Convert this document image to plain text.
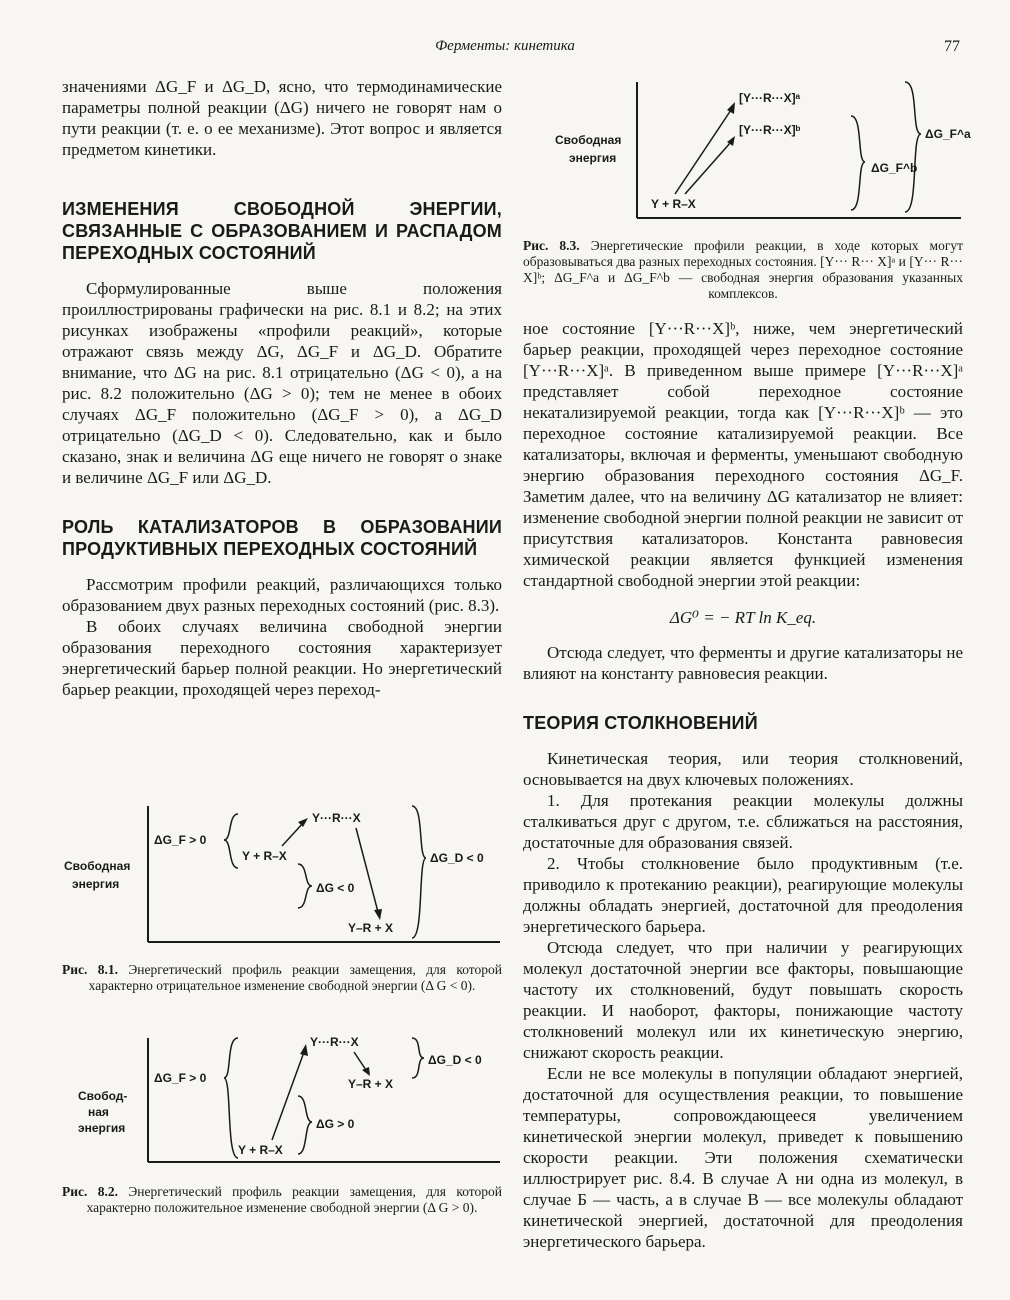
Ферменты: кинетика	77

значениями ΔG_F и ΔG_D, ясно, что термодинамические параметры полной реакции (ΔG) ничего не говорят нам о пути реакции (т. е. о ее механизме). Этот вопрос и является предметом кинетики.

ИЗМЕНЕНИЯ СВОБОДНОЙ ЭНЕРГИИ, СВЯЗАННЫЕ С ОБРАЗОВАНИЕМ И РАСПАДОМ ПЕРЕХОДНЫХ СОСТОЯНИЙ

Сформулированные выше положения проиллюстрированы графически на рис. 8.1 и 8.2; на этих рисунках изображены «профили реакций», которые отражают связь между ΔG, ΔG_F и ΔG_D. Обратите внимание, что ΔG на рис. 8.1 отрицательно (ΔG < 0), а на рис. 8.2 положительно (ΔG > 0); тем не менее в обоих случаях ΔG_F положительно (ΔG_F > 0), а ΔG_D отрицательно (ΔG_D < 0). Следовательно, как и было сказано, знак и величина ΔG еще ничего не говорят о знаке и величине ΔG_F или ΔG_D.

РОЛЬ КАТАЛИЗАТОРОВ В ОБРАЗОВАНИИ ПРОДУКТИВНЫХ ПЕРЕХОДНЫХ СОСТОЯНИЙ

Рассмотрим профили реакций, различающихся только образованием двух разных переходных состояний (рис. 8.3).

В обоих случаях величина свободной энергии образования переходного состояния характеризует энергетический барьер полной реакции. Но энергетический барьер реакции, проходящей через переход-

Свободная
энергия
ΔG_F > 0
Y + R–X
Y···R···X
ΔG < 0
Y–R + X
ΔG_D < 0
Рис. 8.1. Энергетический профиль реакции замещения, для которой характерно отрицательное изменение свободной энергии (Δ G < 0).
Свобод-
ная
энергия
ΔG_F > 0
Y + R–X
Y···R···X
Y–R + X
ΔG > 0
ΔG_D < 0
Рис. 8.2. Энергетический профиль реакции замещения, для которой характерно положительное изменение свободной энергии (Δ G > 0).
Свободная
энергия
Y + R–X
[Y···R···X]ᵃ
[Y···R···X]ᵇ
ΔG_F^b
ΔG_F^a
Рис. 8.3. Энергетические профили реакции, в ходе которых могут образовываться два разных переходных состояния. [Y··· R··· X]ᵃ и [Y··· R··· X]ᵇ; ΔG_F^a и ΔG_F^b — свободная энергия образования указанных комплексов.

ное состояние [Y···R···X]ᵇ, ниже, чем энергетический барьер реакции, проходящей через переходное состояние [Y···R···X]ᵃ. В приведенном выше примере [Y···R···X]ᵃ представляет собой переходное состояние некатализируемой реакции, тогда как [Y···R···X]ᵇ — это переходное состояние катализируемой реакции. Все катализаторы, включая и ферменты, уменьшают свободную энергию образования переходного состояния ΔG_F. Заметим далее, что на величину ΔG катализатор не влияет: изменение свободной энергии полной реакции не зависит от присутствия катализаторов. Константа равновесия химической реакции является функцией изменения стандартной свободной энергии этой реакции:

ΔG⁰ = − RT ln K_eq.

Отсюда следует, что ферменты и другие катализаторы не влияют на константу равновесия реакции.

ТЕОРИЯ СТОЛКНОВЕНИЙ

Кинетическая теория, или теория столкновений, основывается на двух ключевых положениях.

1. Для протекания реакции молекулы должны сталкиваться друг с другом, т.е. сближаться на расстояния, достаточные для образования связей.

2. Чтобы столкновение было продуктивным (т.е. приводило к протеканию реакции), реагирующие молекулы должны обладать энергией, достаточной для преодоления энергетического барьера.

Отсюда следует, что при наличии у реагирующих молекул достаточной энергии все факторы, повышающие частоту их столкновений, будут повышать скорость реакции. И наоборот, факторы, понижающие частоту столкновений молекул или их кинетическую энергию, снижают скорость реакции.

Если не все молекулы в популяции обладают энергией, достаточной для осуществления реакции, то повышение температуры, сопровождающееся увеличением кинетической энергии молекул, приведет к повышению скорости реакции. Эти положения схематически иллюстрирует рис. 8.4. В случае А ни одна из молекул, в случае Б — часть, а в случае В — все молекулы обладают кинетической энергией, достаточной для преодоления энергетического барьера.
